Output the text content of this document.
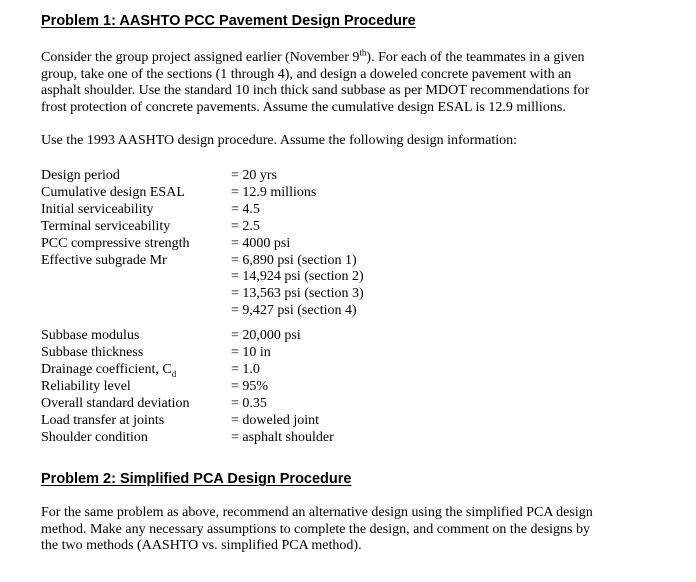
Problem 1: AASHTO PCC Pavement Design Procedure
Consider the group project assigned earlier (November 9th). For each of the teammates in a given
group, take one of the sections (1 through 4), and design a doweled concrete pavement with an
asphalt shoulder. Use the standard 10 inch thick sand subbase as per MDOT recommendations for
frost protection of concrete pavements. Assume the cumulative design ESAL is 12.9 millions.
Use the 1993 AASHTO design procedure. Assume the following design information:
Design period	= 20 yrs
Cumulative design ESAL	= 12.9 millions
Initial serviceability	= 4.5
Terminal serviceability	= 2.5
PCC compressive strength	= 4000 psi
Effective subgrade Mr	= 6,890 psi (section 1)
= 14,924 psi (section 2)
= 13,563 psi (section 3)
= 9,427 psi (section 4)
Subbase modulus	= 20,000 psi
Subbase thickness	= 10 in
Drainage coefficient, $C_d$	= 1.0
Reliability level	= 95%
Overall standard deviation	= 0.35
Load transfer at joints	= doweled joint
Shoulder condition	= asphalt shoulder
Problem 2: Simplified PCA Design Procedure
For the same problem as above, recommend an alternative design using the simplified PCA design
method. Make any necessary assumptions to complete the design, and comment on the designs by
the two methods (AASHTO vs. simplified PCA method).
